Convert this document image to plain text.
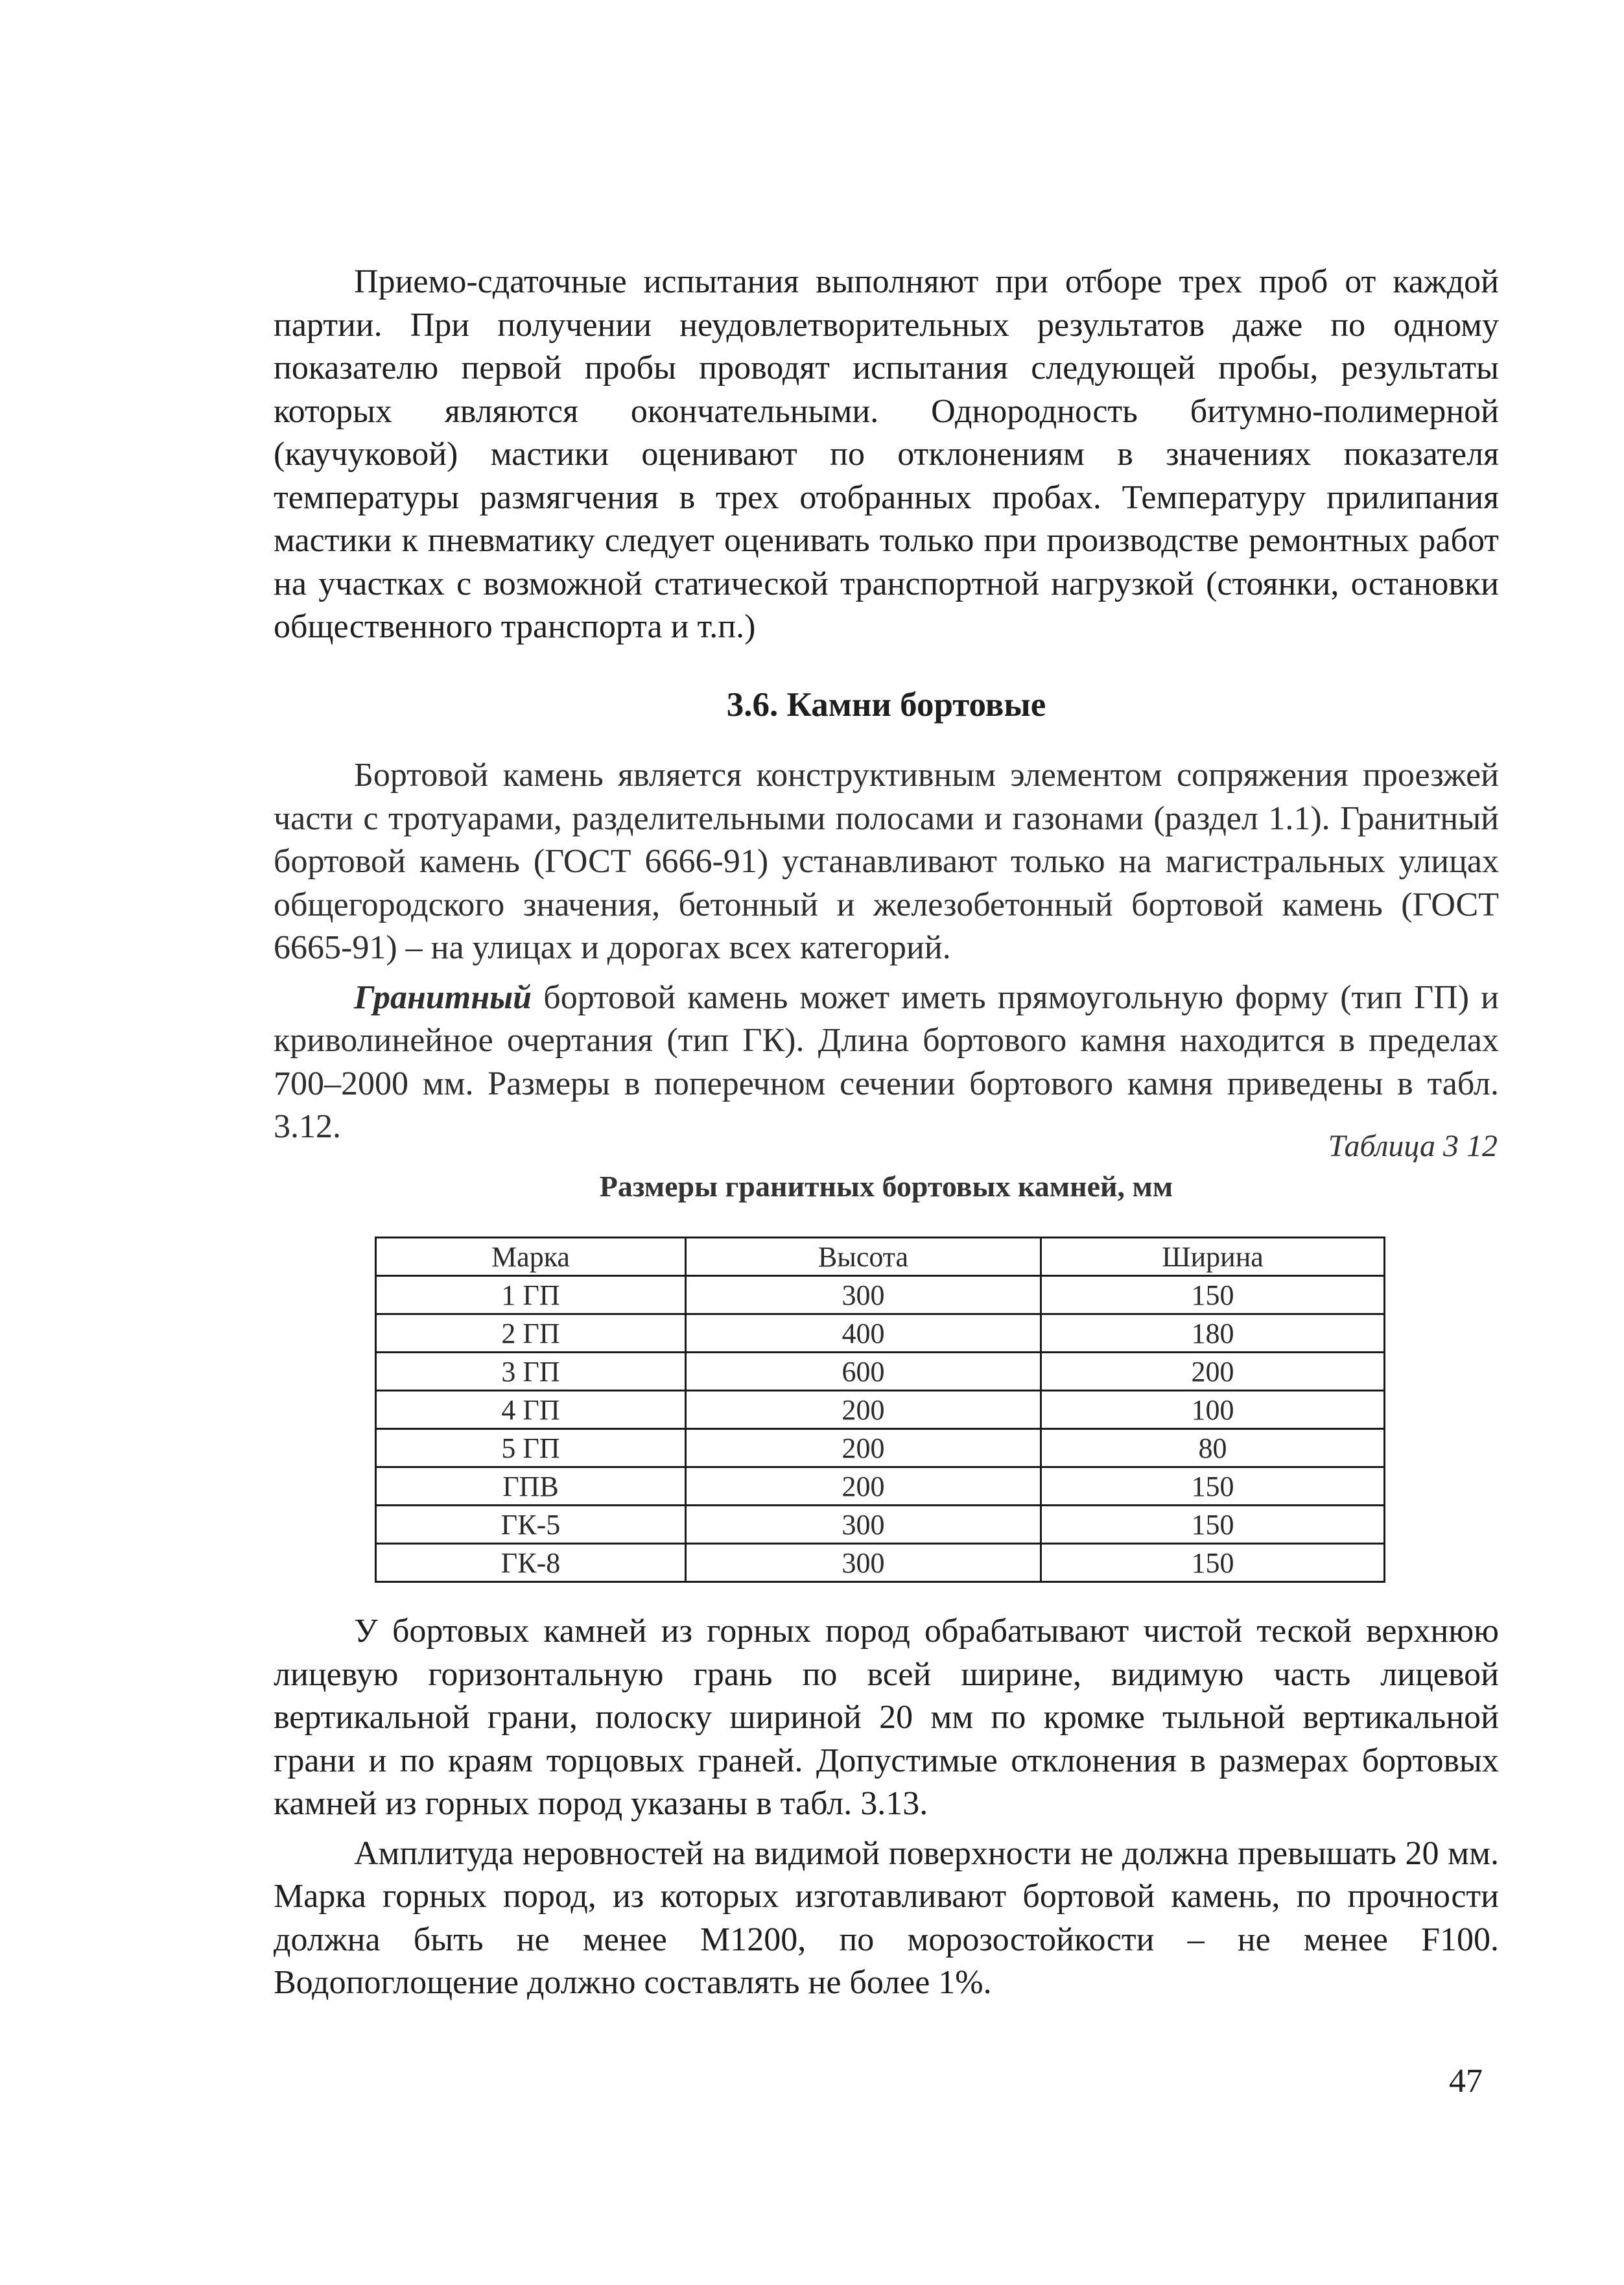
Приемо-сдаточные испытания выполняют при отборе трех проб от каждой партии. При получении неудовлетворительных результатов даже по одному показателю первой пробы проводят испытания следующей пробы, результаты которых являются окончательными. Однородность битумно-полимерной (каучуковой) мастики оценивают по отклонениям в значениях показателя температуры размягчения в трех отобранных пробах. Температуру прилипания мастики к пневматику следует оценивать только при производстве ремонтных работ на участках с возможной статической транспортной нагрузкой (стоянки, остановки общественного транспорта и т.п.)

3.6. Камни бортовые

Бортовой камень является конструктивным элементом сопряжения проезжей части с тротуарами, разделительными полосами и газонами (раздел 1.1). Гранитный бортовой камень (ГОСТ 6666-91) устанавливают только на магистральных улицах общегородского значения, бетонный и железобетонный бортовой камень (ГОСТ 6665-91) – на улицах и дорогах всех категорий.

Гранитный бортовой камень может иметь прямоугольную форму (тип ГП) и криволинейное очертания (тип ГК). Длина бортового камня находится в пределах 700–2000 мм. Размеры в поперечном сечении бортового камня приведены в табл. 3.12.

Таблица 3 12
Размеры гранитных бортовых камней, мм
Марка	Высота	Ширина
1 ГП	300	150
2 ГП	400	180
3 ГП	600	200
4 ГП	200	100
5 ГП	200	80
ГПВ	200	150
ГК-5	300	150
ГК-8	300	150

У бортовых камней из горных пород обрабатывают чистой теской верхнюю лицевую горизонтальную грань по всей ширине, видимую часть лицевой вертикальной грани, полоску шириной 20 мм по кромке тыльной вертикальной грани и по краям торцовых граней. Допустимые отклонения в размерах бортовых камней из горных пород указаны в табл. 3.13.

Амплитуда неровностей на видимой поверхности не должна превышать 20 мм. Марка горных пород, из которых изготавливают бортовой камень, по прочности должна быть не менее М1200, по морозостойкости – не менее F100. Водопоглощение должно составлять не более 1%.

47
